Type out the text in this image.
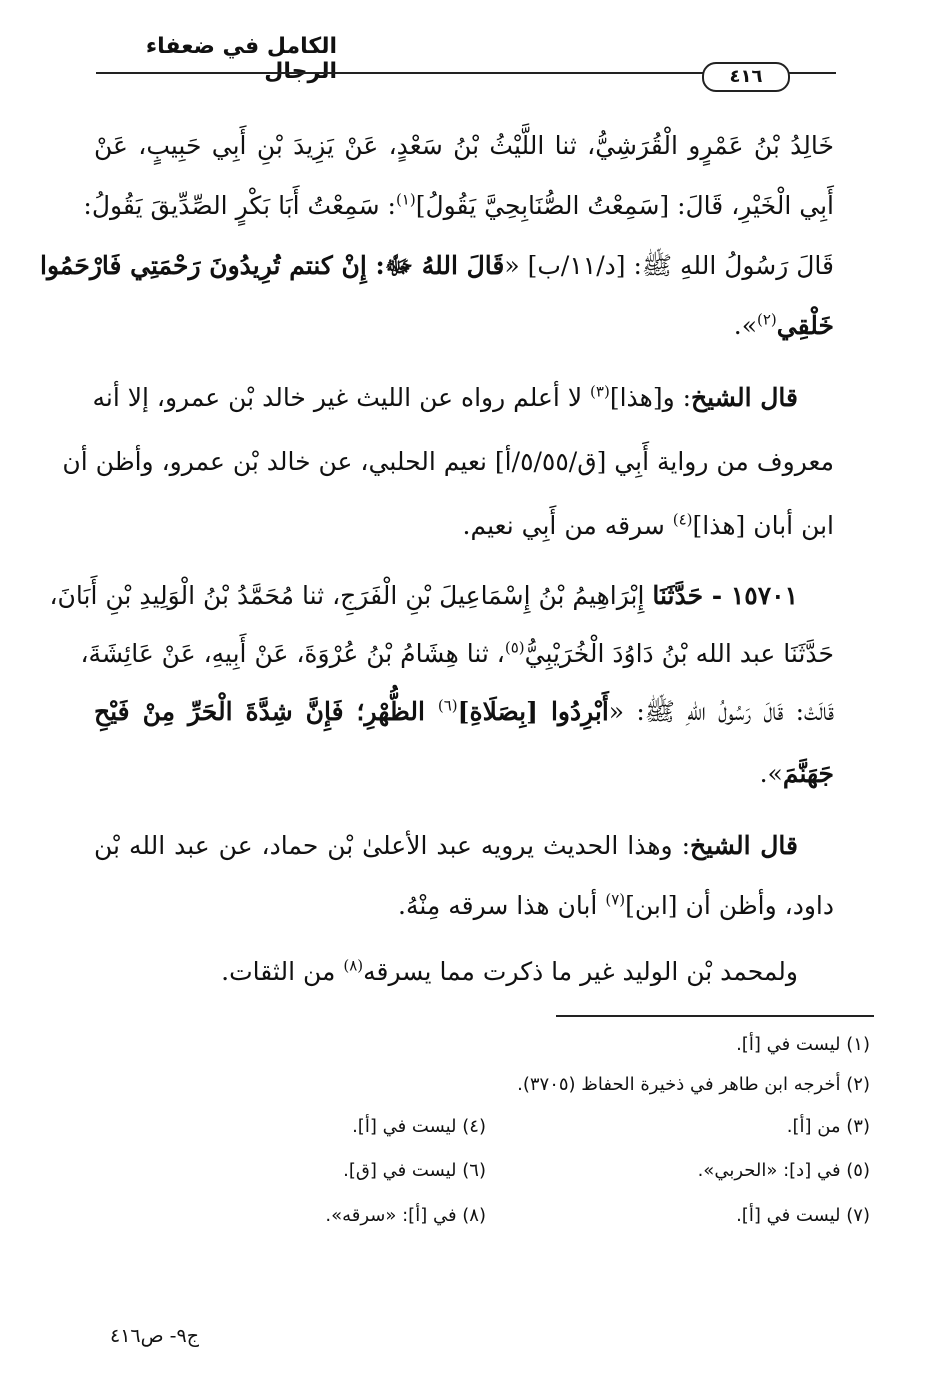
الكامل في ضعفاء الرجال	٤١٦
خَالِدُ بْنُ عَمْرٍو الْقُرَشِيُّ، ثنا اللَّيْثُ بْنُ سَعْدٍ، عَنْ يَزِيدَ بْنِ أَبِي حَبِيبٍ، عَنْ
أَبِي الْخَيْرِ، قَالَ: [سَمِعْتُ الصُّنَابِحِيَّ يَقُولُ]$^{(١)}$: سَمِعْتُ أَبَا بَكْرٍ الصِّدِّيقَ يَقُولُ:
قَالَ رَسُولُ اللهِ ﷺ: [د/١١/ب] «قَالَ اللهُ ﷻ: إِنْ كنتم تُرِيدُونَ رَحْمَتِي فَارْحَمُوا
خَلْقِي$^{(٢)}$».
قال الشيخ: و[هذا]$^{(٣)}$ لا أعلم رواه عن الليث غير خالد بْن عمرو، إلا أنه
معروف من رواية أَبِي [ق/٥/٥٥/أ] نعيم الحلبي، عن خالد بْن عمرو، وأظن أن
ابن أبان [هذا]$^{(٤)}$ سرقه من أَبِي نعيم.
١٥٧٠١ - حَدَّثَنَا إِبْرَاهِيمُ بْنُ إِسْمَاعِيلَ بْنِ الْفَرَجِ، ثنا مُحَمَّدُ بْنُ الْوَلِيدِ بْنِ أَبَانَ،
حَدَّثَنَا عبد الله بْنُ دَاوُدَ الْخُرَيْبِيُّ$^{(٥)}$، ثنا هِشَامُ بْنُ عُرْوَةَ، عَنْ أَبِيهِ، عَنْ عَائِشَةَ،
قَالَتْ: قَالَ رَسُولُ اللهِ ﷺ: «أَبْرِدُوا [بِصَلَاةِ]$^{(٦)}$ الظُّهْرِ؛ فَإِنَّ شِدَّةَ الْحَرِّ مِنْ فَيْحِ
جَهَنَّمَ».
قال الشيخ: وهذا الحديث يرويه عبد الأعلىٰ بْن حماد، عن عبد الله بْن
داود، وأظن أن [ابن]$^{(٧)}$ أبان هذا سرقه مِنْهُ.
ولمحمد بْن الوليد غير ما ذكرت مما يسرقه$^{(٨)}$ من الثقات.
(١) ليست في [أ].
(٢) أخرجه ابن طاهر في ذخيرة الحفاظ (٣٧٠٥).
(٣) من [أ].
(٤) ليست في [أ].
(٥) في [د]: «الحربي».
(٦) ليست في [ق].
(٧) ليست في [أ].
(٨) في [أ]: «سرقه».
ج٩- ص٤١٦
